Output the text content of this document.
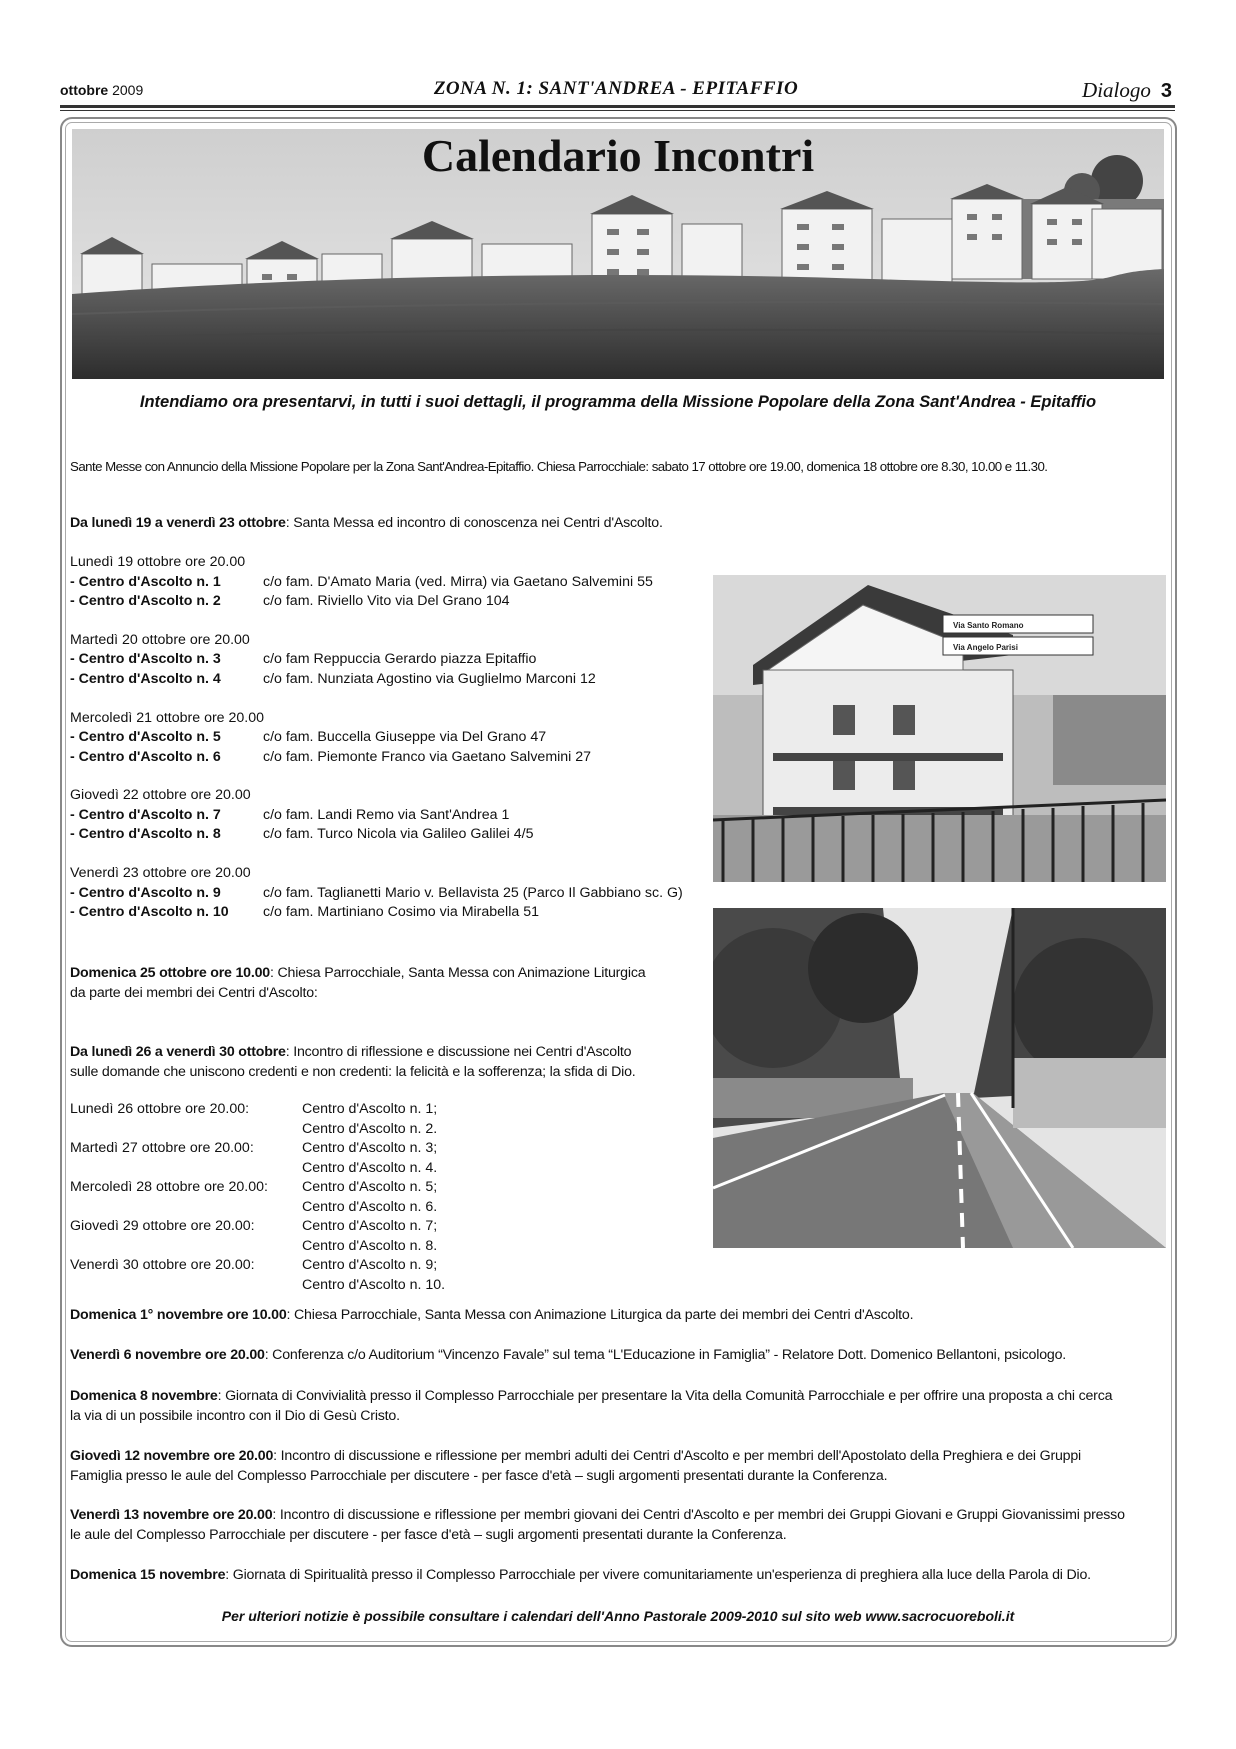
ottobre 2009	ZONA N. 1: SANT'ANDREA - EPITAFFIO	Dialogo 3
Calendario Incontri
Intendiamo ora presentarvi, in tutti i suoi dettagli, il programma della Missione Popolare della Zona Sant'Andrea - Epitaffio
Sante Messe con Annuncio della Missione Popolare per la Zona Sant'Andrea-Epitaffio. Chiesa Parrocchiale: sabato 17 ottobre ore 19.00, domenica 18 ottobre ore 8.30, 10.00 e 11.30.
Da lunedì 19 a venerdì 23 ottobre: Santa Messa ed incontro di conoscenza nei Centri d'Ascolto.
Lunedì 19 ottobre ore 20.00
- Centro d'Ascolto n. 1	c/o fam. D'Amato Maria (ved. Mirra) via Gaetano Salvemini 55
- Centro d'Ascolto n. 2	c/o fam. Riviello Vito via Del Grano 104
Martedì 20 ottobre ore 20.00
- Centro d'Ascolto n. 3	c/o fam Reppuccia Gerardo piazza Epitaffio
- Centro d'Ascolto n. 4	c/o fam. Nunziata Agostino via Guglielmo Marconi 12
Mercoledì 21 ottobre ore 20.00
- Centro d'Ascolto n. 5	c/o fam. Buccella Giuseppe via Del Grano 47
- Centro d'Ascolto n. 6	c/o fam. Piemonte Franco via Gaetano Salvemini 27
Giovedì 22 ottobre ore 20.00
- Centro d'Ascolto n. 7	c/o fam. Landi Remo via Sant'Andrea 1
- Centro d'Ascolto n. 8	c/o fam. Turco Nicola via Galileo Galilei 4/5
Venerdì 23 ottobre ore 20.00
- Centro d'Ascolto n. 9	c/o fam. Taglianetti Mario v. Bellavista 25 (Parco Il Gabbiano sc. G)
- Centro d'Ascolto n. 10 c/o fam. Martiniano Cosimo via Mirabella 51
Domenica 25 ottobre ore 10.00: Chiesa Parrocchiale, Santa Messa con Animazione Liturgica
da parte dei membri dei Centri d'Ascolto:
Da lunedì 26 a venerdì 30 ottobre: Incontro di riflessione e discussione nei Centri d'Ascolto
sulle domande che uniscono credenti e non credenti: la felicità e la sofferenza; la sfida di Dio.
Lunedì 26 ottobre ore 20.00:	Centro d'Ascolto n. 1;
Centro d'Ascolto n. 2.
Martedì 27 ottobre ore 20.00:	Centro d'Ascolto n. 3;
Centro d'Ascolto n. 4.
Mercoledì 28 ottobre ore 20.00: Centro d'Ascolto n. 5;
Centro d'Ascolto n. 6.
Giovedì 29 ottobre ore 20.00:	Centro d'Ascolto n. 7;
Centro d'Ascolto n. 8.
Venerdì 30 ottobre ore 20.00:	Centro d'Ascolto n. 9;
Centro d'Ascolto n. 10.
Domenica 1° novembre ore 10.00: Chiesa Parrocchiale, Santa Messa con Animazione Liturgica da parte dei membri dei Centri d'Ascolto.
Venerdì 6 novembre ore 20.00: Conferenza c/o Auditorium “Vincenzo Favale” sul tema “L'Educazione in Famiglia” - Relatore Dott. Domenico Bellantoni, psicologo.
Domenica 8 novembre: Giornata di Convivialità presso il Complesso Parrocchiale per presentare la Vita della Comunità Parrocchiale e per offrire una proposta a chi cerca
la via di un possibile incontro con il Dio di Gesù Cristo.
Giovedì 12 novembre ore 20.00: Incontro di discussione e riflessione per membri adulti dei Centri d'Ascolto e per membri dell'Apostolato della Preghiera e dei Gruppi
Famiglia presso le aule del Complesso Parrocchiale per discutere - per fasce d'età – sugli argomenti presentati durante la Conferenza.
Venerdì 13 novembre ore 20.00: Incontro di discussione e riflessione per membri giovani dei Centri d'Ascolto e per membri dei Gruppi Giovani e Gruppi Giovanissimi presso
le aule del Complesso Parrocchiale per discutere - per fasce d'età – sugli argomenti presentati durante la Conferenza.
Domenica 15 novembre: Giornata di Spiritualità presso il Complesso Parrocchiale per vivere comunitariamente un'esperienza di preghiera alla luce della Parola di Dio.
Via Santo Romano
Via Angelo Parisi
Per ulteriori notizie è possibile consultare i calendari dell'Anno Pastorale 2009-2010 sul sito web www.sacrocuoreboli.it
